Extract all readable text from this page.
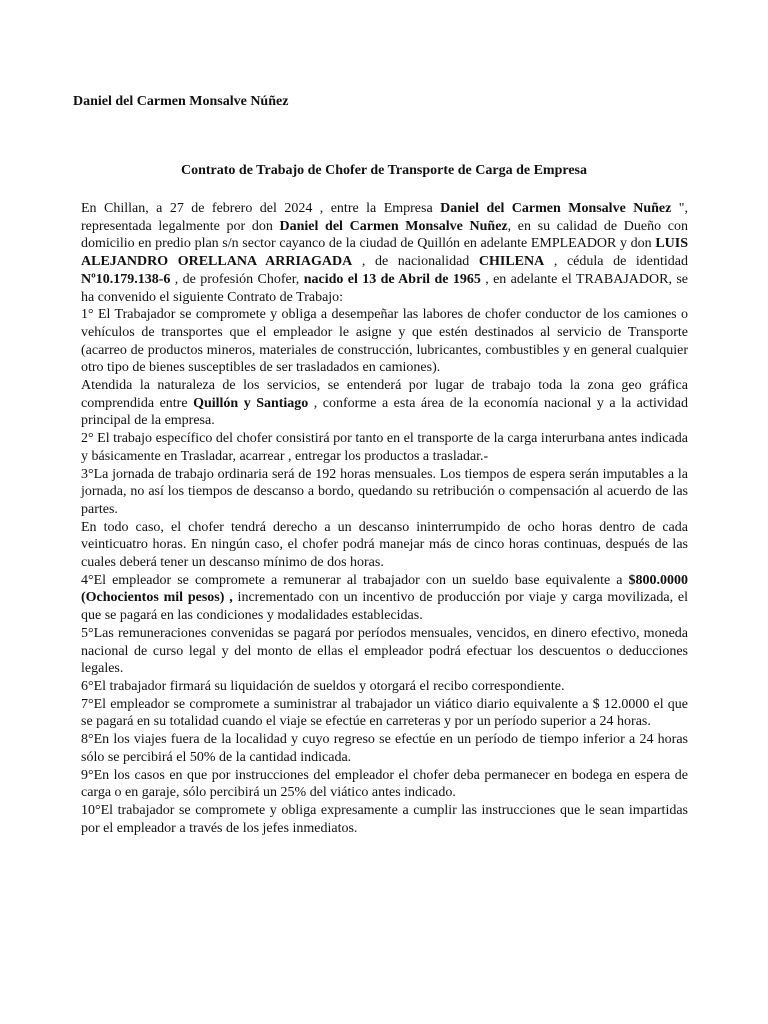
Daniel del Carmen Monsalve Núñez

Contrato de Trabajo de Chofer de Transporte de Carga de Empresa

En Chillan, a 27 de febrero del 2024 , entre la Empresa Daniel del Carmen Monsalve Nuñez ", representada legalmente por don Daniel del Carmen Monsalve Nuñez, en su calidad de Dueño con domicilio en predio plan s/n sector cayanco de la ciudad de Quillón en adelante EMPLEADOR y don LUIS ALEJANDRO ORELLANA ARRIAGADA , de nacionalidad CHILENA , cédula de identidad Nº10.179.138-6 , de profesión Chofer, nacido el 13 de Abril de 1965 , en adelante el TRABAJADOR, se ha convenido el siguiente Contrato de Trabajo:

1° El Trabajador se compromete y obliga a desempeñar las labores de chofer conductor de los camiones o vehículos de transportes que el empleador le asigne y que estén destinados al servicio de Transporte (acarreo de productos mineros, materiales de construcción, lubricantes, combustibles y en general cualquier otro tipo de bienes susceptibles de ser trasladados en camiones).

Atendida la naturaleza de los servicios, se entenderá por lugar de trabajo toda la zona geo gráfica comprendida entre Quillón y Santiago , conforme a esta área de la economía nacional y a la actividad principal de la empresa.

2° El trabajo específico del chofer consistirá por tanto en el transporte de la carga interurbana antes indicada y básicamente en Trasladar, acarrear , entregar los productos a trasladar.-

3°La jornada de trabajo ordinaria será de 192 horas mensuales. Los tiempos de espera serán imputables a la jornada, no así los tiempos de descanso a bordo, quedando su retribución o compensación al acuerdo de las partes.

En todo caso, el chofer tendrá derecho a un descanso ininterrumpido de ocho horas dentro de cada veinticuatro horas. En ningún caso, el chofer podrá manejar más de cinco horas continuas, después de las cuales deberá tener un descanso mínimo de dos horas.

4°El empleador se compromete a remunerar al trabajador con un sueldo base equivalente a $800.0000 (Ochocientos mil pesos) , incrementado con un incentivo de producción por viaje y carga movilizada, el que se pagará en las condiciones y modalidades establecidas.

5°Las remuneraciones convenidas se pagará por períodos mensuales, vencidos, en dinero efectivo, moneda nacional de curso legal y del monto de ellas el empleador podrá efectuar los descuentos o deducciones legales.

6°El trabajador firmará su liquidación de sueldos y otorgará el recibo correspondiente.

7°El empleador se compromete a suministrar al trabajador un viático diario equivalente a $ 12.0000 el que se pagará en su totalidad cuando el viaje se efectúe en carreteras y por un período superior a 24 horas.

8°En los viajes fuera de la localidad y cuyo regreso se efectúe en un período de tiempo inferior a 24 horas sólo se percibirá el 50% de la cantidad indicada.

9°En los casos en que por instrucciones del empleador el chofer deba permanecer en bodega en espera de carga o en garaje, sólo percibirá un 25% del viático antes indicado.

10°El trabajador se compromete y obliga expresamente a cumplir las instrucciones que le sean impartidas por el empleador a través de los jefes inmediatos.
